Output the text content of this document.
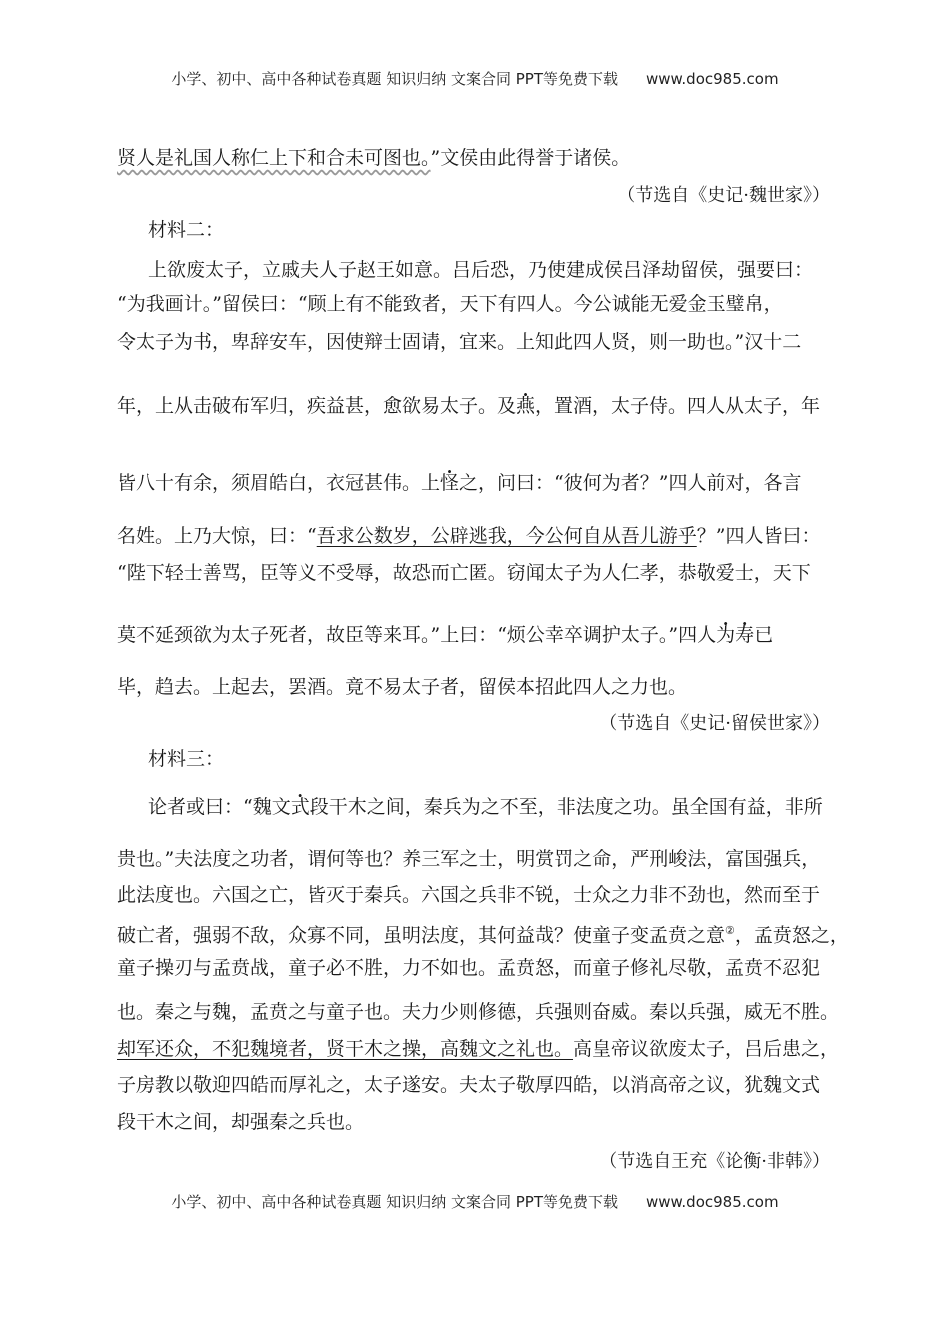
小学、初中、高中各种试卷真题 知识归纳 文案合同 PPT等免费下载 www.doc985.com
贤人是礼国人称仁上下和合未可图也。”文侯由此得誉于诸侯。
（节选自《史记·魏世家》）
材料二：
上欲废太子，立戚夫人子赵王如意。吕后恐，乃使建成侯吕泽劫留侯，强要曰：
“为我画计。”留侯曰：“顾上有不能致者，天下有四人。今公诚能无爱金玉璧帛，
令太子为书，卑辞安车，因使辩士固请，宜来。上知此四人贤，则一助也。”汉十二
年，上从击破布军归，疾益甚，愈欲易太子。及燕，置酒，太子侍。四人从太子，年
皆八十有余，须眉皓白，衣冠甚伟。上怪之，问曰：“彼何为者？”四人前对，各言
名姓。上乃大惊，曰：“吾求公数岁，公辟逃我，今公何自从吾儿游乎？”四人皆曰：
“陛下轻士善骂，臣等义不受辱，故恐而亡匿。窃闻太子为人仁孝，恭敬爱士，天下
莫不延颈欲为太子死者，故臣等来耳。”上曰：“烦公幸卒调护太子。”四人为寿已
毕，趋去。上起去，罢酒。竟不易太子者，留侯本招此四人之力也。
（节选自《史记·留侯世家》）
材料三：
论者或曰：“魏文式段干木之间，秦兵为之不至，非法度之功。虽全国有益，非所
贵也。”夫法度之功者，谓何等也？养三军之士，明赏罚之命，严刑峻法，富国强兵，
此法度也。六国之亡，皆灭于秦兵。六国之兵非不锐，士众之力非不劲也，然而至于
破亡者，强弱不敌，众寡不同，虽明法度，其何益哉？使童子变孟贲之意②，孟贲怒之，
童子操刃与孟贲战，童子必不胜，力不如也。孟贲怒，而童子修礼尽敬，孟贲不忍犯
也。秦之与魏，孟贲之与童子也。夫力少则修德，兵强则奋威。秦以兵强，威无不胜。
却军还众，不犯魏境者，贤干木之操，高魏文之礼也。高皇帝议欲废太子，吕后患之，
子房教以敬迎四皓而厚礼之，太子遂安。夫太子敬厚四皓，以消高帝之议，犹魏文式
段干木之间，却强秦之兵也。
（节选自王充《论衡·非韩》）
小学、初中、高中各种试卷真题 知识归纳 文案合同 PPT等免费下载 www.doc985.com
